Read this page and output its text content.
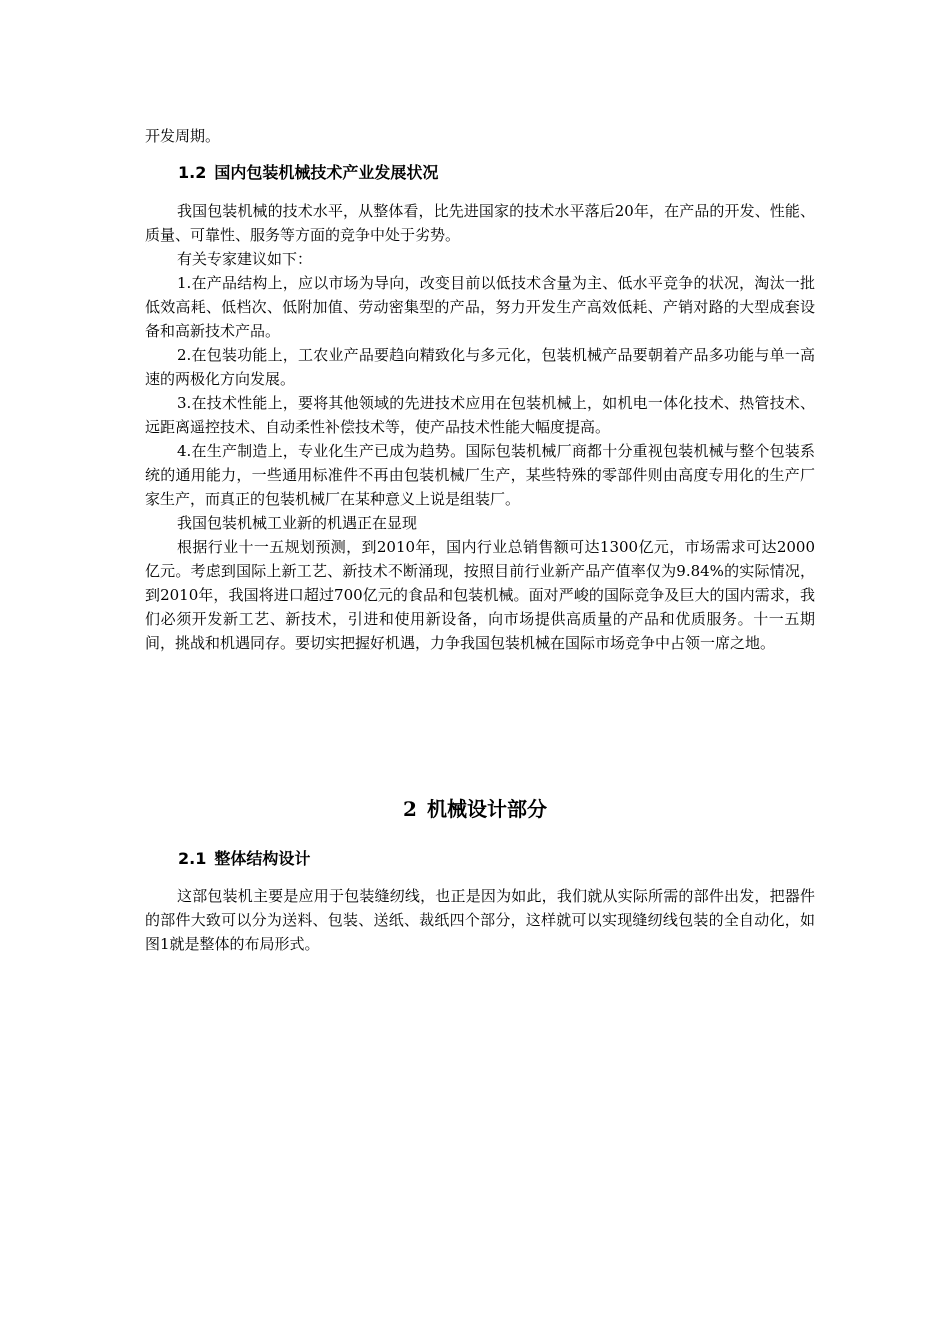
开发周期。

1.2 国内包装机械技术产业发展状况

我国包装机械的技术水平，从整体看，比先进国家的技术水平落后20年，在产品的开发、性能、质量、可靠性、服务等方面的竞争中处于劣势。

有关专家建议如下：

1.在产品结构上，应以市场为导向，改变目前以低技术含量为主、低水平竞争的状况，淘汰一批低效高耗、低档次、低附加值、劳动密集型的产品，努力开发生产高效低耗、产销对路的大型成套设备和高新技术产品。

2.在包装功能上，工农业产品要趋向精致化与多元化，包装机械产品要朝着产品多功能与单一高速的两极化方向发展。

3.在技术性能上，要将其他领域的先进技术应用在包装机械上，如机电一体化技术、热管技术、远距离遥控技术、自动柔性补偿技术等，使产品技术性能大幅度提高。

4.在生产制造上，专业化生产已成为趋势。国际包装机械厂商都十分重视包装机械与整个包装系统的通用能力，一些通用标准件不再由包装机械厂生产，某些特殊的零部件则由高度专用化的生产厂家生产，而真正的包装机械厂在某种意义上说是组装厂。

我国包装机械工业新的机遇正在显现

根据行业十一五规划预测，到2010年，国内行业总销售额可达1300亿元，市场需求可达2000亿元。考虑到国际上新工艺、新技术不断涌现，按照目前行业新产品产值率仅为9.84%的实际情况，到2010年，我国将进口超过700亿元的食品和包装机械。面对严峻的国际竞争及巨大的国内需求，我们必须开发新工艺、新技术，引进和使用新设备，向市场提供高质量的产品和优质服务。十一五期间，挑战和机遇同存。要切实把握好机遇，力争我国包装机械在国际市场竞争中占领一席之地。

2 机械设计部分
2.1 整体结构设计

这部包装机主要是应用于包装缝纫线，也正是因为如此，我们就从实际所需的部件出发，把器件的部件大致可以分为送料、包装、送纸、裁纸四个部分，这样就可以实现缝纫线包装的全自动化，如图1就是整体的布局形式。
